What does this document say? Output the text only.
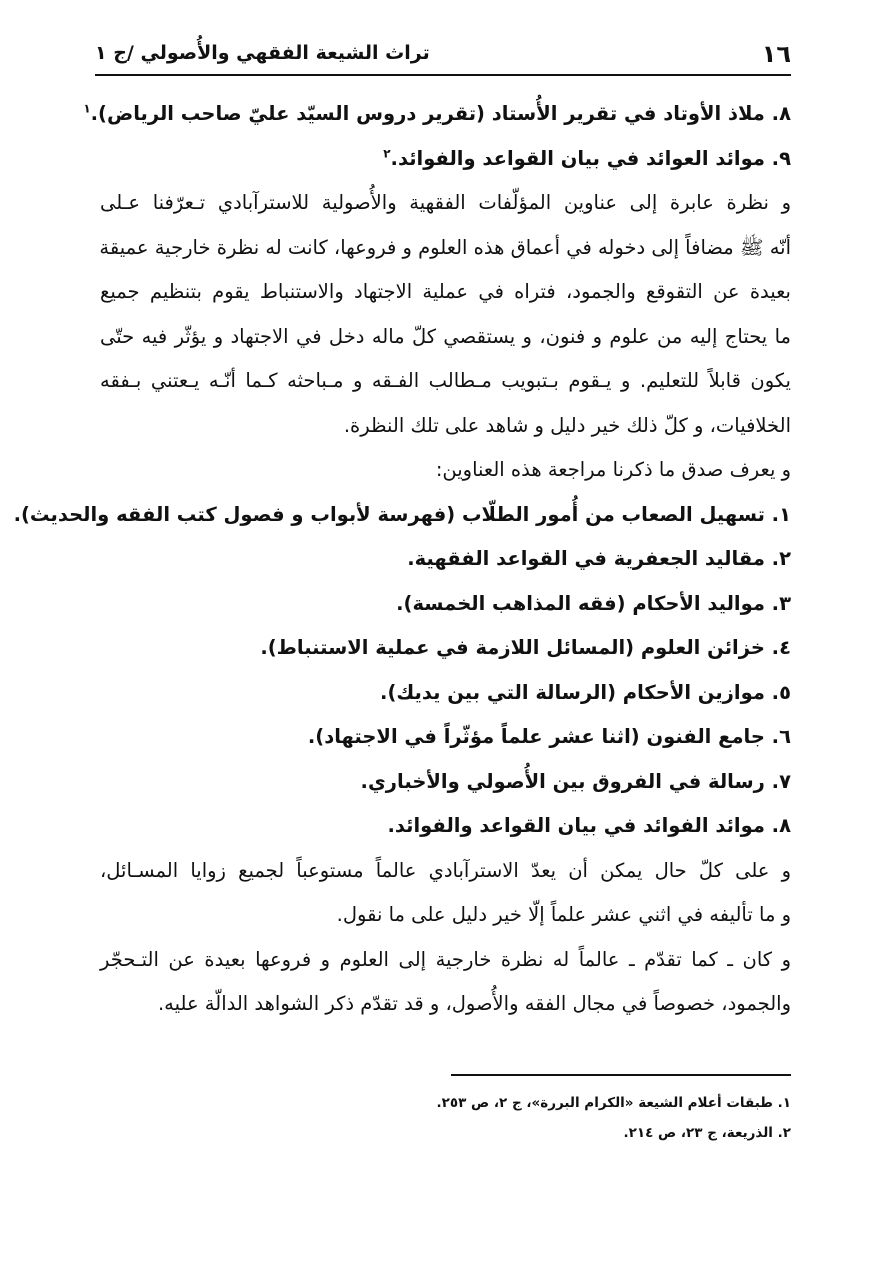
١٦
تراث الشيعة الفقهي والأُصولي /ج ١
٨. ملاذ الأوتاد في تقرير الأُستاد (تقرير دروس السيّد عليّ صاحب الرياض).$^١$
٩. موائد العوائد في بيان القواعد والفوائد.$^٢$
و نظرة عابرة إلى عناوين المؤلّفات الفقهية والأُصولية للاسترآبادي تـعرّفنا عـلى
أنّه ﷺ مضافاً إلى دخوله في أعماق هذه العلوم و فروعها، كانت له نظرة خارجية عميقة
بعيدة عن التقوقع والجمود، فتراه في عملية الاجتهاد والاستنباط يقوم بتنظيم جميع
ما يحتاج إليه من علوم و فنون، و يستقصي كلّ ماله دخل في الاجتهاد و يؤثّر فيه حتّى
يكون قابلاً للتعليم. و يـقوم بـتبويب مـطالب الفـقه و مـباحثه كـما أنّـه يـعتني بـفقه
الخلافيات، و كلّ ذلك خير دليل و شاهد على تلك النظرة.
و يعرف صدق ما ذكرنا مراجعة هذه العناوين:
١. تسهيل الصعاب من أُمور الطلّاب (فهرسة لأبواب و فصول كتب الفقه والحديث).
٢. مقاليد الجعفرية في القواعد الفقهية.
٣. مواليد الأحكام (فقه المذاهب الخمسة).
٤. خزائن العلوم (المسائل اللازمة في عملية الاستنباط).
٥. موازين الأحكام (الرسالة التي بين يديك).
٦. جامع الفنون (اثنا عشر علماً مؤثّراً في الاجتهاد).
٧. رسالة في الفروق بين الأُصولي والأخباري.
٨. موائد الفوائد في بيان القواعد والفوائد.
و على كلّ حال يمكن أن يعدّ الاسترآبادي عالماً مستوعباً لجميع زوايا المسـائل،
و ما تأليفه في اثني عشر علماً إلّا خير دليل على ما نقول.
و كان ـ كما تقدّم ـ عالماً له نظرة خارجية إلى العلوم و فروعها بعيدة عن التـحجّر
والجمود، خصوصاً في مجال الفقه والأُصول، و قد تقدّم ذكر الشواهد الدالّة عليه.
١. طبقات أعلام الشيعة «الكرام البررة»، ج ٢، ص ٢٥٣.
٢. الذريعة، ج ٢٣، ص ٢١٤.
